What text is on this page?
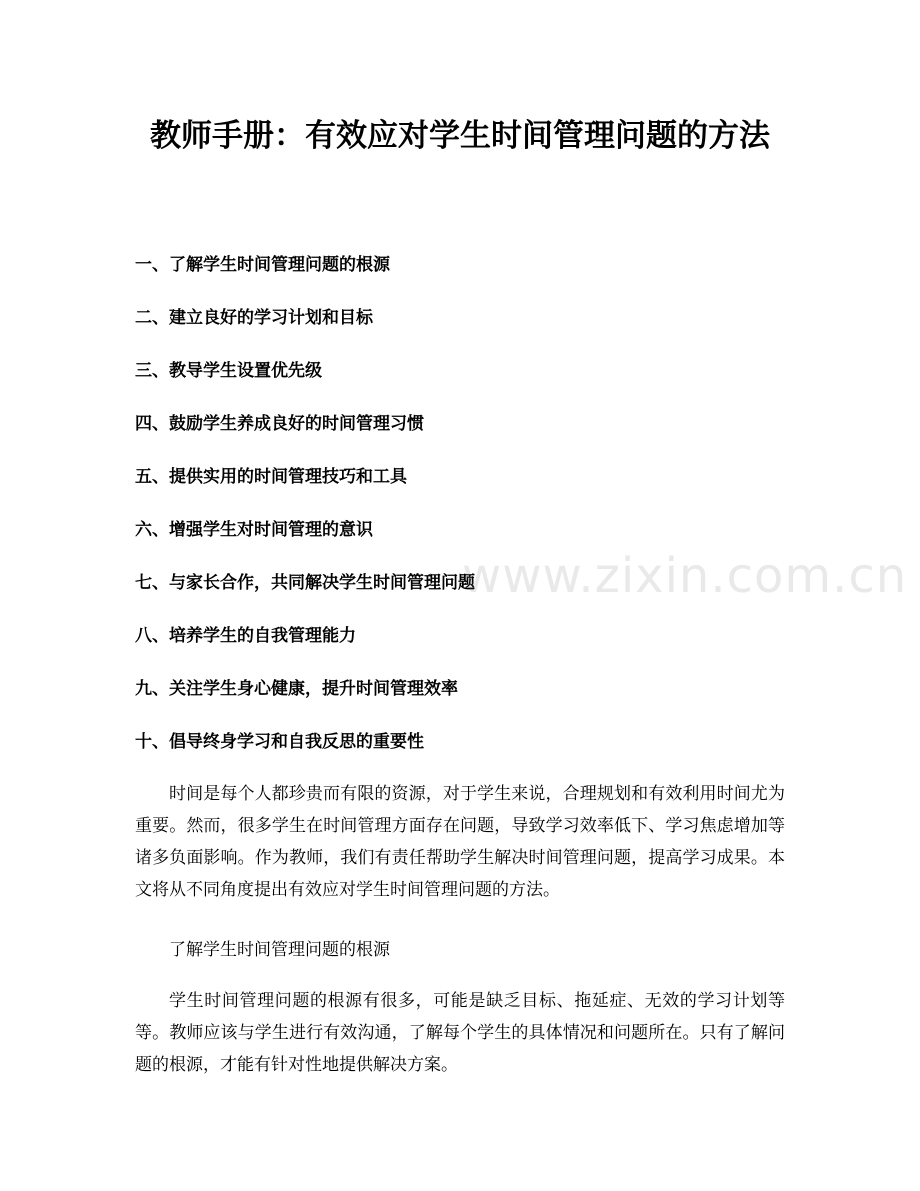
教师手册：有效应对学生时间管理问题的方法
一、了解学生时间管理问题的根源
二、建立良好的学习计划和目标
三、教导学生设置优先级
四、鼓励学生养成良好的时间管理习惯
五、提供实用的时间管理技巧和工具
六、增强学生对时间管理的意识
七、与家长合作，共同解决学生时间管理问题
八、培养学生的自我管理能力
九、关注学生身心健康，提升时间管理效率
十、倡导终身学习和自我反思的重要性

时间是每个人都珍贵而有限的资源，对于学生来说，合理规划和有效利用时间尤为重要。然而，很多学生在时间管理方面存在问题，导致学习效率低下、学习焦虑增加等诸多负面影响。作为教师，我们有责任帮助学生解决时间管理问题，提高学习成果。本文将从不同角度提出有效应对学生时间管理问题的方法。

了解学生时间管理问题的根源

学生时间管理问题的根源有很多，可能是缺乏目标、拖延症、无效的学习计划等等。教师应该与学生进行有效沟通，了解每个学生的具体情况和问题所在。只有了解问题的根源，才能有针对性地提供解决方案。

www.zixin.com.cn
